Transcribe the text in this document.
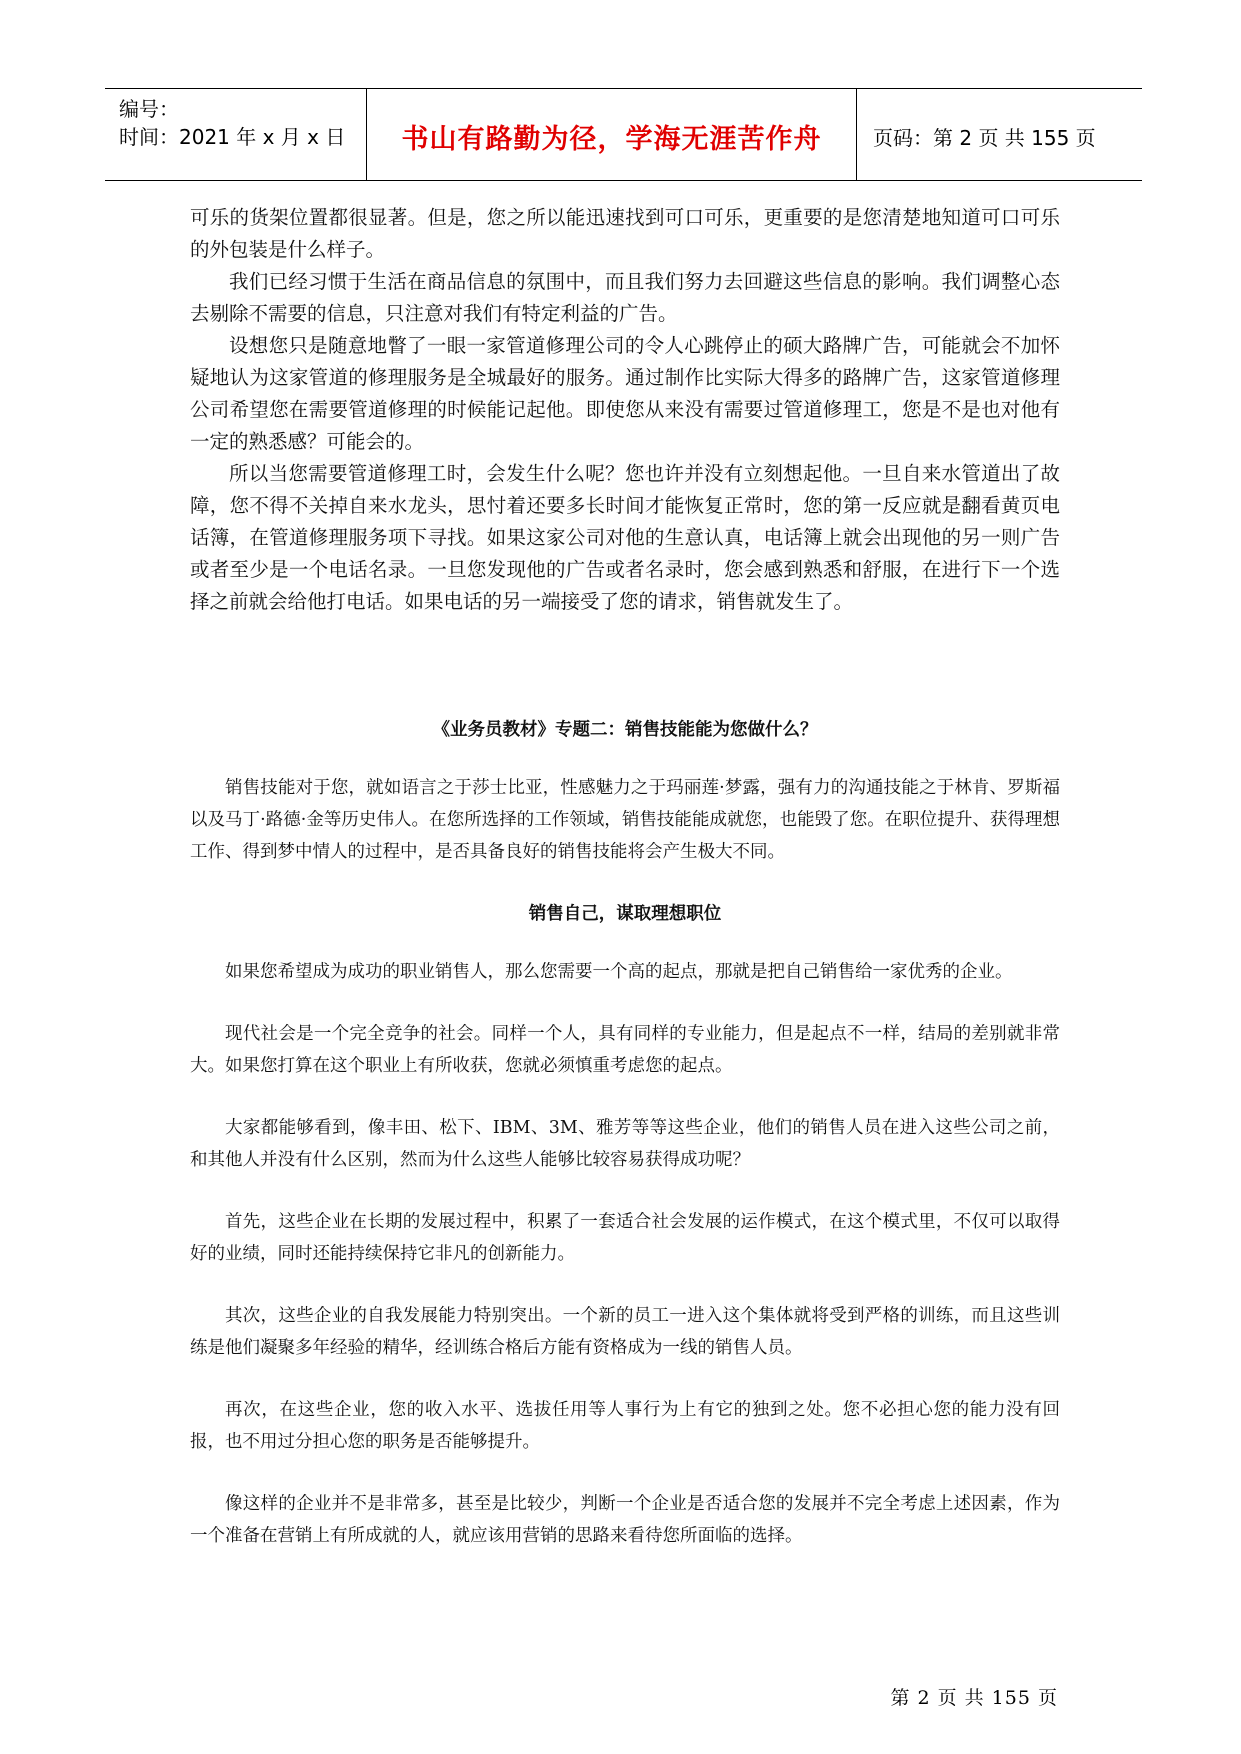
编号：
时间：2021 年 x 月 x 日	书山有路勤为径，学海无涯苦作舟	页码：第 2 页 共 155 页

可乐的货架位置都很显著。但是，您之所以能迅速找到可口可乐，更重要的是您清楚地知道可口可乐的外包装是什么样子。

我们已经习惯于生活在商品信息的氛围中，而且我们努力去回避这些信息的影响。我们调整心态去剔除不需要的信息，只注意对我们有特定利益的广告。

设想您只是随意地瞥了一眼一家管道修理公司的令人心跳停止的硕大路牌广告，可能就会不加怀疑地认为这家管道的修理服务是全城最好的服务。通过制作比实际大得多的路牌广告，这家管道修理公司希望您在需要管道修理的时候能记起他。即使您从来没有需要过管道修理工，您是不是也对他有一定的熟悉感？可能会的。

所以当您需要管道修理工时，会发生什么呢？您也许并没有立刻想起他。一旦自来水管道出了故障，您不得不关掉自来水龙头，思忖着还要多长时间才能恢复正常时，您的第一反应就是翻看黄页电话簿，在管道修理服务项下寻找。如果这家公司对他的生意认真，电话簿上就会出现他的另一则广告或者至少是一个电话名录。一旦您发现他的广告或者名录时，您会感到熟悉和舒服，在进行下一个选择之前就会给他打电话。如果电话的另一端接受了您的请求，销售就发生了。

《业务员教材》专题二：销售技能能为您做什么？

销售技能对于您，就如语言之于莎士比亚，性感魅力之于玛丽莲·梦露，强有力的沟通技能之于林肯、罗斯福以及马丁·路德·金等历史伟人。在您所选择的工作领域，销售技能能成就您，也能毁了您。在职位提升、获得理想工作、得到梦中情人的过程中，是否具备良好的销售技能将会产生极大不同。

销售自己，谋取理想职位

如果您希望成为成功的职业销售人，那么您需要一个高的起点，那就是把自己销售给一家优秀的企业。

现代社会是一个完全竞争的社会。同样一个人，具有同样的专业能力，但是起点不一样，结局的差别就非常大。如果您打算在这个职业上有所收获，您就必须慎重考虑您的起点。

大家都能够看到，像丰田、松下、IBM、3M、雅芳等等这些企业，他们的销售人员在进入这些公司之前，和其他人并没有什么区别，然而为什么这些人能够比较容易获得成功呢？

首先，这些企业在长期的发展过程中，积累了一套适合社会发展的运作模式，在这个模式里，不仅可以取得好的业绩，同时还能持续保持它非凡的创新能力。

其次，这些企业的自我发展能力特别突出。一个新的员工一进入这个集体就将受到严格的训练，而且这些训练是他们凝聚多年经验的精华，经训练合格后方能有资格成为一线的销售人员。

再次，在这些企业，您的收入水平、选拔任用等人事行为上有它的独到之处。您不必担心您的能力没有回报，也不用过分担心您的职务是否能够提升。

像这样的企业并不是非常多，甚至是比较少，判断一个企业是否适合您的发展并不完全考虑上述因素，作为一个准备在营销上有所成就的人，就应该用营销的思路来看待您所面临的选择。

第 2 页 共 155 页
